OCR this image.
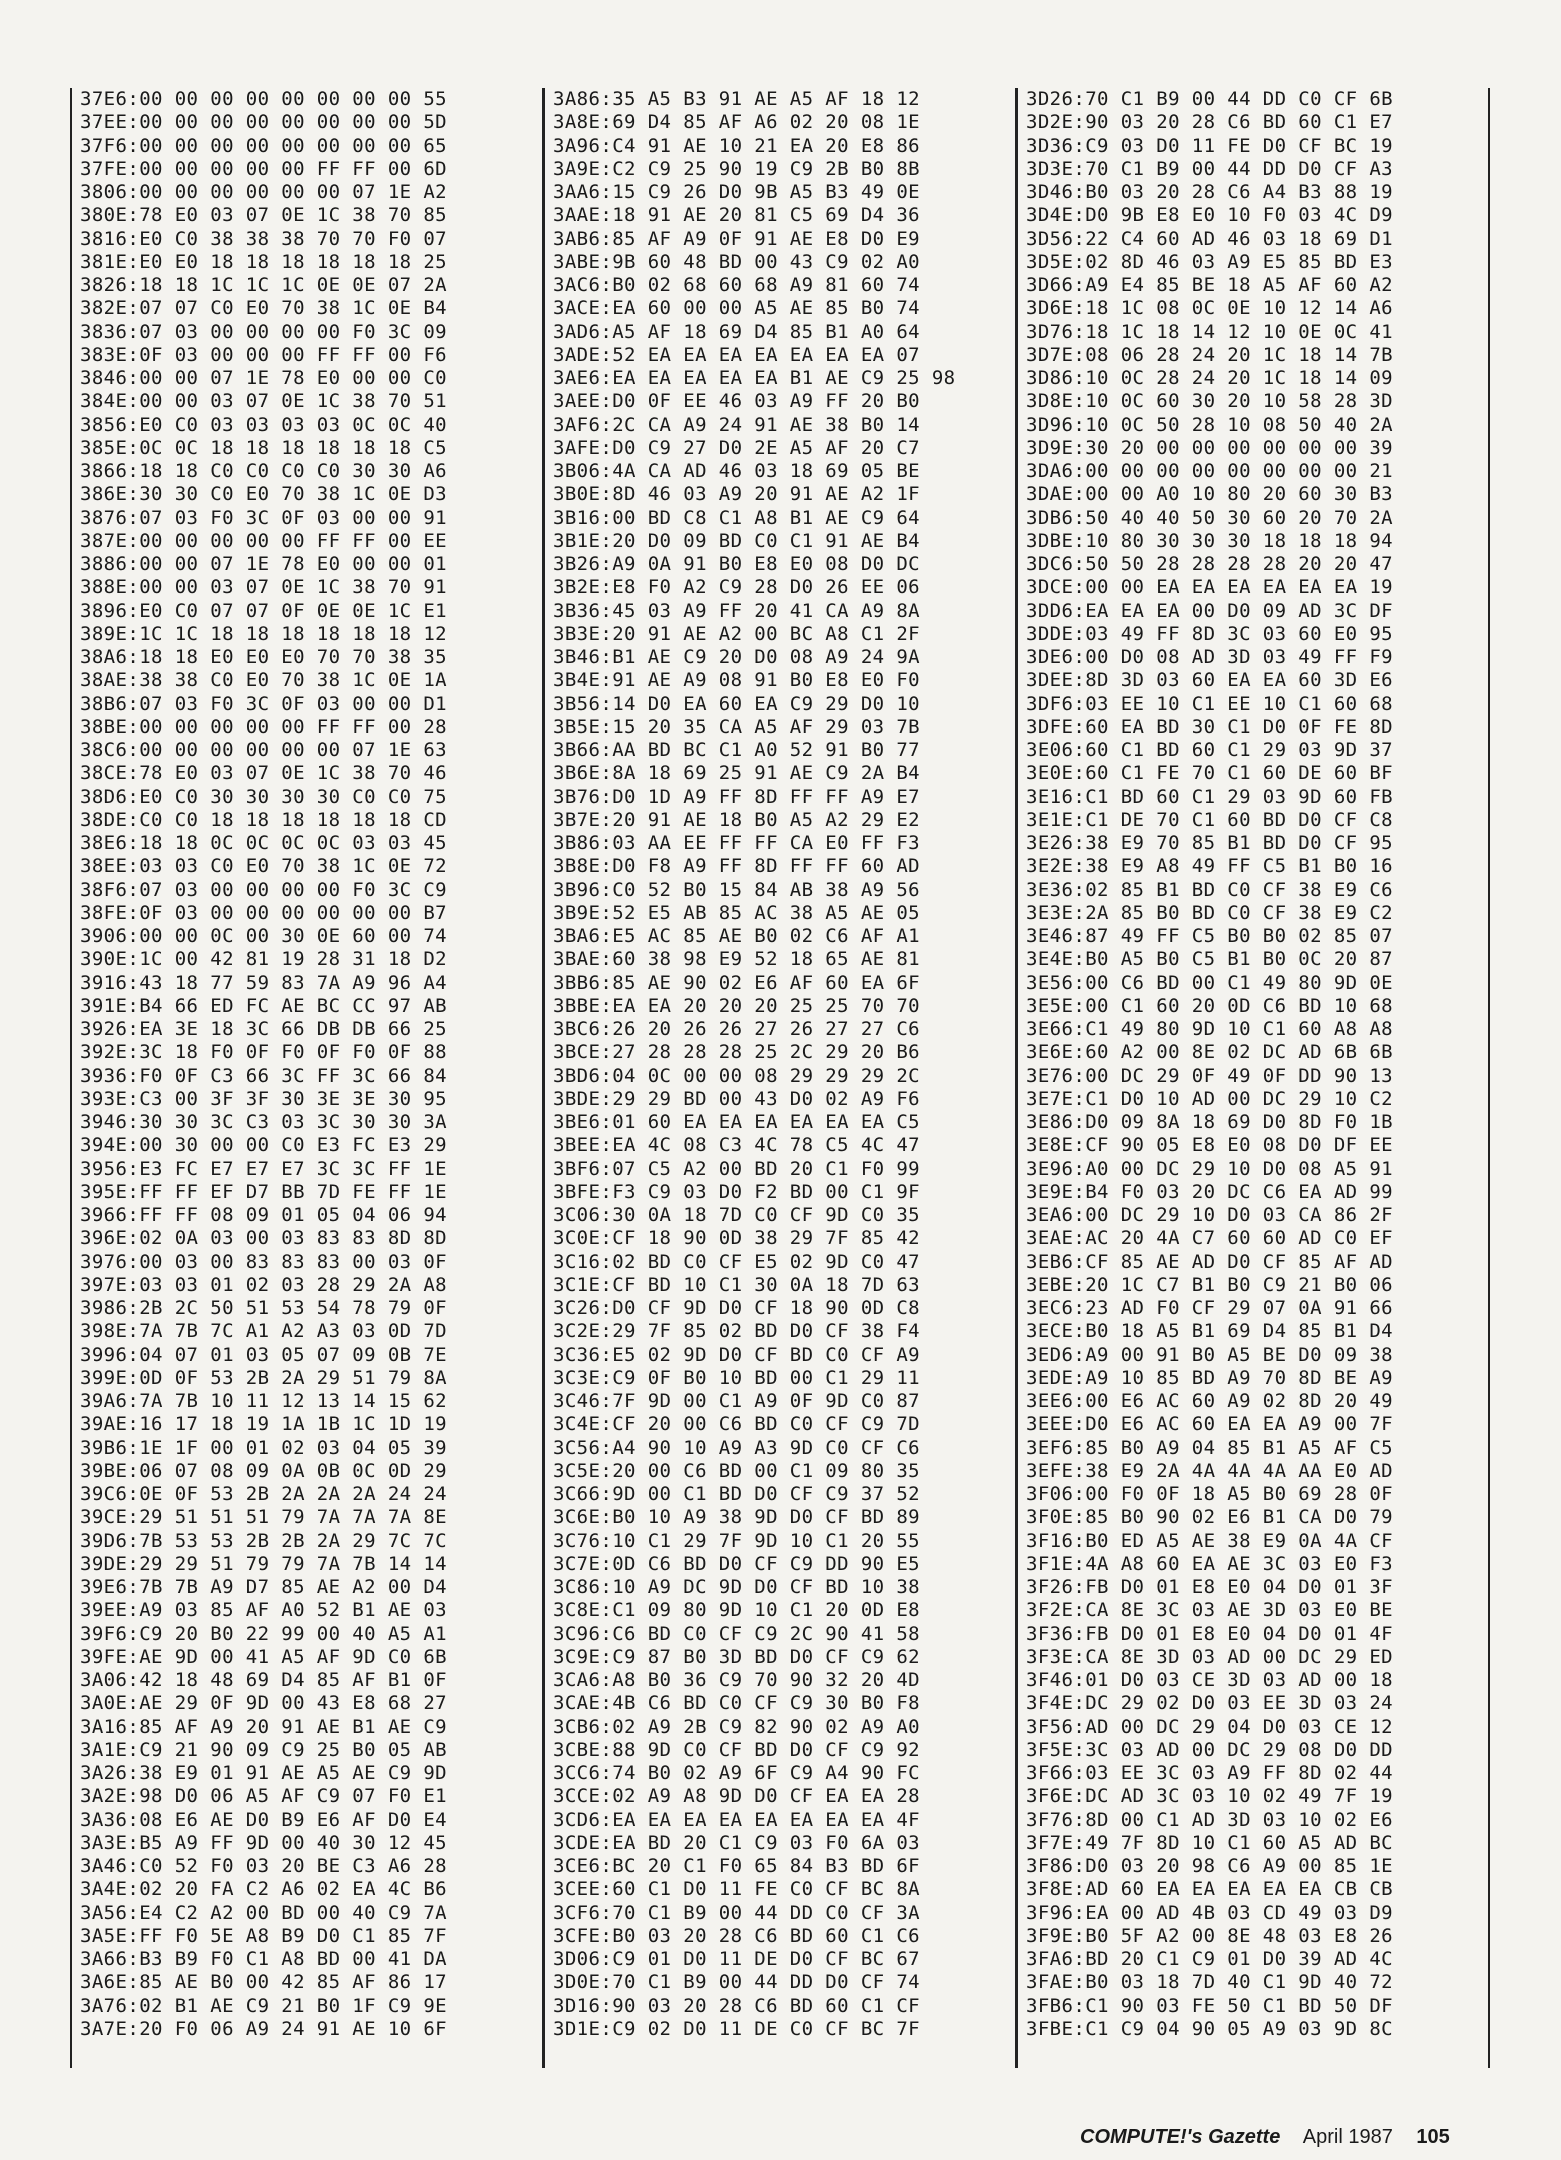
37E6:00 00 00 00 00 00 00 00 55
37EE:00 00 00 00 00 00 00 00 5D
37F6:00 00 00 00 00 00 00 00 65
37FE:00 00 00 00 00 FF FF 00 6D
3806:00 00 00 00 00 00 07 1E A2
380E:78 E0 03 07 0E 1C 38 70 85
3816:E0 C0 38 38 38 70 70 F0 07
381E:E0 E0 18 18 18 18 18 18 25
3826:18 18 1C 1C 1C 0E 0E 07 2A
382E:07 07 C0 E0 70 38 1C 0E B4
3836:07 03 00 00 00 00 F0 3C 09
383E:0F 03 00 00 00 FF FF 00 F6
3846:00 00 07 1E 78 E0 00 00 C0
384E:00 00 03 07 0E 1C 38 70 51
3856:E0 C0 03 03 03 03 0C 0C 40
385E:0C 0C 18 18 18 18 18 18 C5
3866:18 18 C0 C0 C0 C0 30 30 A6
386E:30 30 C0 E0 70 38 1C 0E D3
3876:07 03 F0 3C 0F 03 00 00 91
387E:00 00 00 00 00 FF FF 00 EE
3886:00 00 07 1E 78 E0 00 00 01
388E:00 00 03 07 0E 1C 38 70 91
3896:E0 C0 07 07 0F 0E 0E 1C E1
389E:1C 1C 18 18 18 18 18 18 12
38A6:18 18 E0 E0 E0 70 70 38 35
38AE:38 38 C0 E0 70 38 1C 0E 1A
38B6:07 03 F0 3C 0F 03 00 00 D1
38BE:00 00 00 00 00 FF FF 00 28
38C6:00 00 00 00 00 00 07 1E 63
38CE:78 E0 03 07 0E 1C 38 70 46
38D6:E0 C0 30 30 30 30 C0 C0 75
38DE:C0 C0 18 18 18 18 18 18 CD
38E6:18 18 0C 0C 0C 0C 03 03 45
38EE:03 03 C0 E0 70 38 1C 0E 72
38F6:07 03 00 00 00 00 F0 3C C9
38FE:0F 03 00 00 00 00 00 00 B7
3906:00 00 0C 00 30 0E 60 00 74
390E:1C 00 42 81 19 28 31 18 D2
3916:43 18 77 59 83 7A A9 96 A4
391E:B4 66 ED FC AE BC CC 97 AB
3926:EA 3E 18 3C 66 DB DB 66 25
392E:3C 18 F0 0F F0 0F F0 0F 88
3936:F0 0F C3 66 3C FF 3C 66 84
393E:C3 00 3F 3F 30 3E 3E 30 95
3946:30 30 3C C3 03 3C 30 30 3A
394E:00 30 00 00 C0 E3 FC E3 29
3956:E3 FC E7 E7 E7 3C 3C FF 1E
395E:FF FF EF D7 BB 7D FE FF 1E
3966:FF FF 08 09 01 05 04 06 94
396E:02 0A 03 00 03 83 83 8D 8D
3976:00 03 00 83 83 83 00 03 0F
397E:03 03 01 02 03 28 29 2A A8
3986:2B 2C 50 51 53 54 78 79 0F
398E:7A 7B 7C A1 A2 A3 03 0D 7D
3996:04 07 01 03 05 07 09 0B 7E
399E:0D 0F 53 2B 2A 29 51 79 8A
39A6:7A 7B 10 11 12 13 14 15 62
39AE:16 17 18 19 1A 1B 1C 1D 19
39B6:1E 1F 00 01 02 03 04 05 39
39BE:06 07 08 09 0A 0B 0C 0D 29
39C6:0E 0F 53 2B 2A 2A 2A 24 24
39CE:29 51 51 51 79 7A 7A 7A 8E
39D6:7B 53 53 2B 2B 2A 29 7C 7C
39DE:29 29 51 79 79 7A 7B 14 14
39E6:7B 7B A9 D7 85 AE A2 00 D4
39EE:A9 03 85 AF A0 52 B1 AE 03
39F6:C9 20 B0 22 99 00 40 A5 A1
39FE:AE 9D 00 41 A5 AF 9D C0 6B
3A06:42 18 48 69 D4 85 AF B1 0F
3A0E:AE 29 0F 9D 00 43 E8 68 27
3A16:85 AF A9 20 91 AE B1 AE C9
3A1E:C9 21 90 09 C9 25 B0 05 AB
3A26:38 E9 01 91 AE A5 AE C9 9D
3A2E:98 D0 06 A5 AF C9 07 F0 E1
3A36:08 E6 AE D0 B9 E6 AF D0 E4
3A3E:B5 A9 FF 9D 00 40 30 12 45
3A46:C0 52 F0 03 20 BE C3 A6 28
3A4E:02 20 FA C2 A6 02 EA 4C B6
3A56:E4 C2 A2 00 BD 00 40 C9 7A
3A5E:FF F0 5E A8 B9 D0 C1 85 7F
3A66:B3 B9 F0 C1 A8 BD 00 41 DA
3A6E:85 AE B0 00 42 85 AF 86 17
3A76:02 B1 AE C9 21 B0 1F C9 9E
3A7E:20 F0 06 A9 24 91 AE 10 6F
3A86:35 A5 B3 91 AE A5 AF 18 12
3A8E:69 D4 85 AF A6 02 20 08 1E
3A96:C4 91 AE 10 21 EA 20 E8 86
3A9E:C2 C9 25 90 19 C9 2B B0 8B
3AA6:15 C9 26 D0 9B A5 B3 49 0E
3AAE:18 91 AE 20 81 C5 69 D4 36
3AB6:85 AF A9 0F 91 AE E8 D0 E9
3ABE:9B 60 48 BD 00 43 C9 02 A0
3AC6:B0 02 68 60 68 A9 81 60 74
3ACE:EA 60 00 00 A5 AE 85 B0 74
3AD6:A5 AF 18 69 D4 85 B1 A0 64
3ADE:52 EA EA EA EA EA EA EA 07
3AE6:EA EA EA EA EA B1 AE C9 25 98
3AEE:D0 0F EE 46 03 A9 FF 20 B0
3AF6:2C CA A9 24 91 AE 38 B0 14
3AFE:D0 C9 27 D0 2E A5 AF 20 C7
3B06:4A CA AD 46 03 18 69 05 BE
3B0E:8D 46 03 A9 20 91 AE A2 1F
3B16:00 BD C8 C1 A8 B1 AE C9 64
3B1E:20 D0 09 BD C0 C1 91 AE B4
3B26:A9 0A 91 B0 E8 E0 08 D0 DC
3B2E:E8 F0 A2 C9 28 D0 26 EE 06
3B36:45 03 A9 FF 20 41 CA A9 8A
3B3E:20 91 AE A2 00 BC A8 C1 2F
3B46:B1 AE C9 20 D0 08 A9 24 9A
3B4E:91 AE A9 08 91 B0 E8 E0 F0
3B56:14 D0 EA 60 EA C9 29 D0 10
3B5E:15 20 35 CA A5 AF 29 03 7B
3B66:AA BD BC C1 A0 52 91 B0 77
3B6E:8A 18 69 25 91 AE C9 2A B4
3B76:D0 1D A9 FF 8D FF FF A9 E7
3B7E:20 91 AE 18 B0 A5 A2 29 E2
3B86:03 AA EE FF FF CA E0 FF F3
3B8E:D0 F8 A9 FF 8D FF FF 60 AD
3B96:C0 52 B0 15 84 AB 38 A9 56
3B9E:52 E5 AB 85 AC 38 A5 AE 05
3BA6:E5 AC 85 AE B0 02 C6 AF A1
3BAE:60 38 98 E9 52 18 65 AE 81
3BB6:85 AE 90 02 E6 AF 60 EA 6F
3BBE:EA EA 20 20 20 25 25 70 70
3BC6:26 20 26 26 27 26 27 27 C6
3BCE:27 28 28 28 25 2C 29 20 B6
3BD6:04 0C 00 00 08 29 29 29 2C
3BDE:29 29 BD 00 43 D0 02 A9 F6
3BE6:01 60 EA EA EA EA EA EA C5
3BEE:EA 4C 08 C3 4C 78 C5 4C 47
3BF6:07 C5 A2 00 BD 20 C1 F0 99
3BFE:F3 C9 03 D0 F2 BD 00 C1 9F
3C06:30 0A 18 7D C0 CF 9D C0 35
3C0E:CF 18 90 0D 38 29 7F 85 42
3C16:02 BD C0 CF E5 02 9D C0 47
3C1E:CF BD 10 C1 30 0A 18 7D 63
3C26:D0 CF 9D D0 CF 18 90 0D C8
3C2E:29 7F 85 02 BD D0 CF 38 F4
3C36:E5 02 9D D0 CF BD C0 CF A9
3C3E:C9 0F B0 10 BD 00 C1 29 11
3C46:7F 9D 00 C1 A9 0F 9D C0 87
3C4E:CF 20 00 C6 BD C0 CF C9 7D
3C56:A4 90 10 A9 A3 9D C0 CF C6
3C5E:20 00 C6 BD 00 C1 09 80 35
3C66:9D 00 C1 BD D0 CF C9 37 52
3C6E:B0 10 A9 38 9D D0 CF BD 89
3C76:10 C1 29 7F 9D 10 C1 20 55
3C7E:0D C6 BD D0 CF C9 DD 90 E5
3C86:10 A9 DC 9D D0 CF BD 10 38
3C8E:C1 09 80 9D 10 C1 20 0D E8
3C96:C6 BD C0 CF C9 2C 90 41 58
3C9E:C9 87 B0 3D BD D0 CF C9 62
3CA6:A8 B0 36 C9 70 90 32 20 4D
3CAE:4B C6 BD C0 CF C9 30 B0 F8
3CB6:02 A9 2B C9 82 90 02 A9 A0
3CBE:88 9D C0 CF BD D0 CF C9 92
3CC6:74 B0 02 A9 6F C9 A4 90 FC
3CCE:02 A9 A8 9D D0 CF EA EA 28
3CD6:EA EA EA EA EA EA EA EA 4F
3CDE:EA BD 20 C1 C9 03 F0 6A 03
3CE6:BC 20 C1 F0 65 84 B3 BD 6F
3CEE:60 C1 D0 11 FE C0 CF BC 8A
3CF6:70 C1 B9 00 44 DD C0 CF 3A
3CFE:B0 03 20 28 C6 BD 60 C1 C6
3D06:C9 01 D0 11 DE D0 CF BC 67
3D0E:70 C1 B9 00 44 DD D0 CF 74
3D16:90 03 20 28 C6 BD 60 C1 CF
3D1E:C9 02 D0 11 DE C0 CF BC 7F
3D26:70 C1 B9 00 44 DD C0 CF 6B
3D2E:90 03 20 28 C6 BD 60 C1 E7
3D36:C9 03 D0 11 FE D0 CF BC 19
3D3E:70 C1 B9 00 44 DD D0 CF A3
3D46:B0 03 20 28 C6 A4 B3 88 19
3D4E:D0 9B E8 E0 10 F0 03 4C D9
3D56:22 C4 60 AD 46 03 18 69 D1
3D5E:02 8D 46 03 A9 E5 85 BD E3
3D66:A9 E4 85 BE 18 A5 AF 60 A2
3D6E:18 1C 08 0C 0E 10 12 14 A6
3D76:18 1C 18 14 12 10 0E 0C 41
3D7E:08 06 28 24 20 1C 18 14 7B
3D86:10 0C 28 24 20 1C 18 14 09
3D8E:10 0C 60 30 20 10 58 28 3D
3D96:10 0C 50 28 10 08 50 40 2A
3D9E:30 20 00 00 00 00 00 00 39
3DA6:00 00 00 00 00 00 00 00 21
3DAE:00 00 A0 10 80 20 60 30 B3
3DB6:50 40 40 50 30 60 20 70 2A
3DBE:10 80 30 30 30 18 18 18 94
3DC6:50 50 28 28 28 28 20 20 47
3DCE:00 00 EA EA EA EA EA EA 19
3DD6:EA EA EA 00 D0 09 AD 3C DF
3DDE:03 49 FF 8D 3C 03 60 E0 95
3DE6:00 D0 08 AD 3D 03 49 FF F9
3DEE:8D 3D 03 60 EA EA 60 3D E6
3DF6:03 EE 10 C1 EE 10 C1 60 68
3DFE:60 EA BD 30 C1 D0 0F FE 8D
3E06:60 C1 BD 60 C1 29 03 9D 37
3E0E:60 C1 FE 70 C1 60 DE 60 BF
3E16:C1 BD 60 C1 29 03 9D 60 FB
3E1E:C1 DE 70 C1 60 BD D0 CF C8
3E26:38 E9 70 85 B1 BD D0 CF 95
3E2E:38 E9 A8 49 FF C5 B1 B0 16
3E36:02 85 B1 BD C0 CF 38 E9 C6
3E3E:2A 85 B0 BD C0 CF 38 E9 C2
3E46:87 49 FF C5 B0 B0 02 85 07
3E4E:B0 A5 B0 C5 B1 B0 0C 20 87
3E56:00 C6 BD 00 C1 49 80 9D 0E
3E5E:00 C1 60 20 0D C6 BD 10 68
3E66:C1 49 80 9D 10 C1 60 A8 A8
3E6E:60 A2 00 8E 02 DC AD 6B 6B
3E76:00 DC 29 0F 49 0F DD 90 13
3E7E:C1 D0 10 AD 00 DC 29 10 C2
3E86:D0 09 8A 18 69 D0 8D F0 1B
3E8E:CF 90 05 E8 E0 08 D0 DF EE
3E96:A0 00 DC 29 10 D0 08 A5 91
3E9E:B4 F0 03 20 DC C6 EA AD 99
3EA6:00 DC 29 10 D0 03 CA 86 2F
3EAE:AC 20 4A C7 60 60 AD C0 EF
3EB6:CF 85 AE AD D0 CF 85 AF AD
3EBE:20 1C C7 B1 B0 C9 21 B0 06
3EC6:23 AD F0 CF 29 07 0A 91 66
3ECE:B0 18 A5 B1 69 D4 85 B1 D4
3ED6:A9 00 91 B0 A5 BE D0 09 38
3EDE:A9 10 85 BD A9 70 8D BE A9
3EE6:00 E6 AC 60 A9 02 8D 20 49
3EEE:D0 E6 AC 60 EA EA A9 00 7F
3EF6:85 B0 A9 04 85 B1 A5 AF C5
3EFE:38 E9 2A 4A 4A 4A AA E0 AD
3F06:00 F0 0F 18 A5 B0 69 28 0F
3F0E:85 B0 90 02 E6 B1 CA D0 79
3F16:B0 ED A5 AE 38 E9 0A 4A CF
3F1E:4A A8 60 EA AE 3C 03 E0 F3
3F26:FB D0 01 E8 E0 04 D0 01 3F
3F2E:CA 8E 3C 03 AE 3D 03 E0 BE
3F36:FB D0 01 E8 E0 04 D0 01 4F
3F3E:CA 8E 3D 03 AD 00 DC 29 ED
3F46:01 D0 03 CE 3D 03 AD 00 18
3F4E:DC 29 02 D0 03 EE 3D 03 24
3F56:AD 00 DC 29 04 D0 03 CE 12
3F5E:3C 03 AD 00 DC 29 08 D0 DD
3F66:03 EE 3C 03 A9 FF 8D 02 44
3F6E:DC AD 3C 03 10 02 49 7F 19
3F76:8D 00 C1 AD 3D 03 10 02 E6
3F7E:49 7F 8D 10 C1 60 A5 AD BC
3F86:D0 03 20 98 C6 A9 00 85 1E
3F8E:AD 60 EA EA EA EA EA CB CB
3F96:EA 00 AD 4B 03 CD 49 03 D9
3F9E:B0 5F A2 00 8E 48 03 E8 26
3FA6:BD 20 C1 C9 01 D0 39 AD 4C
3FAE:B0 03 18 7D 40 C1 9D 40 72
3FB6:C1 90 03 FE 50 C1 BD 50 DF
3FBE:C1 C9 04 90 05 A9 03 9D 8C
COMPUTE!'s Gazette April 1987 105
